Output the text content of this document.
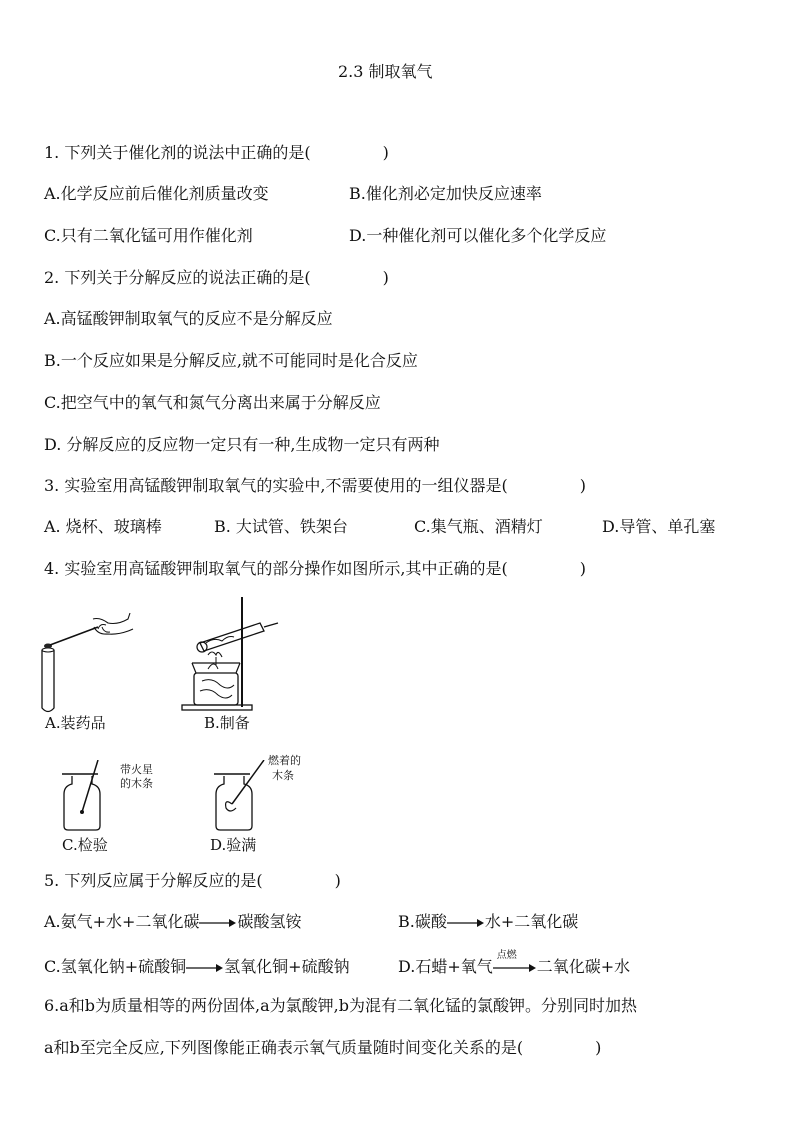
2.3 制取氧气
1. 下列关于催化剂的说法中正确的是(	)
A.化学反应前后催化剂质量改变	B.催化剂必定加快反应速率
C.只有二氧化锰可用作催化剂	D.一种催化剂可以催化多个化学反应
2. 下列关于分解反应的说法正确的是(	)
A.高锰酸钾制取氧气的反应不是分解反应
B.一个反应如果是分解反应,就不可能同时是化合反应
C.把空气中的氧气和氮气分离出来属于分解反应
D. 分解反应的反应物一定只有一种,生成物一定只有两种
3. 实验室用高锰酸钾制取氧气的实验中,不需要使用的一组仪器是(	)
A. 烧杯、玻璃棒	B. 大试管、铁架台	C.集气瓶、酒精灯	D.导管、单孔塞
4. 实验室用高锰酸钾制取氧气的部分操作如图所示,其中正确的是(	)
A.装药品	B.制备
带火星
的木条
C.检验
燃着的
木条
D.验满
5. 下列反应属于分解反应的是(	)
A.氨气+水+二氧化碳 碳酸氢铵	B.碳酸 水+二氧化碳
C.氢氧化钠+硫酸铜 氢氧化铜+硫酸钠	D.石蜡+氧气
点燃
二氧化碳+水
6.a和b为质量相等的两份固体,a为氯酸钾,b为混有二氧化锰的氯酸钾。分别同时加热
a和b至完全反应,下列图像能正确表示氧气质量随时间变化关系的是(	)
